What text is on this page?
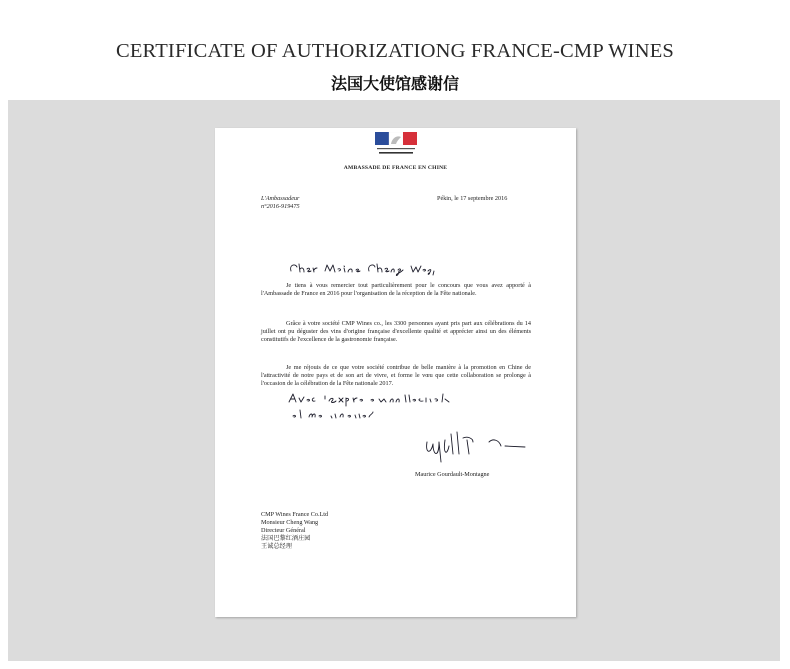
CERTIFICATE OF AUTHORIZATIONG FRANCE-CMP WINES
法国大使馆感谢信
AMBASSADE DE FRANCE EN CHINE
L'Ambassadeur
n°2016-919475
Pékin, le 17 septembre 2016
Je tiens à vous remercier tout particulièrement pour le concours que vous avez apporté à l'Ambassade de France en 2016 pour l'organisation de la réception de la Fête nationale.
Grâce à votre société CMP Wines co., les 3300 personnes ayant pris part aux célébrations du 14 juillet ont pu déguster des vins d'origine française d'excellente qualité et apprécier ainsi un des éléments constitutifs de l'excellence de la gastronomie française.
Je me réjouis de ce que votre société contribue de belle manière à la promotion en Chine de l'attractivité de notre pays et de son art de vivre, et forme le vœu que cette collaboration se prolonge à l'occasion de la célébration de la Fête nationale 2017.
Maurice Gourdault-Montagne
CMP Wines France Co.Ltd
Monsieur Cheng Wang
Directeur Général
法国巴黎红酒庄园
王诚总经理
